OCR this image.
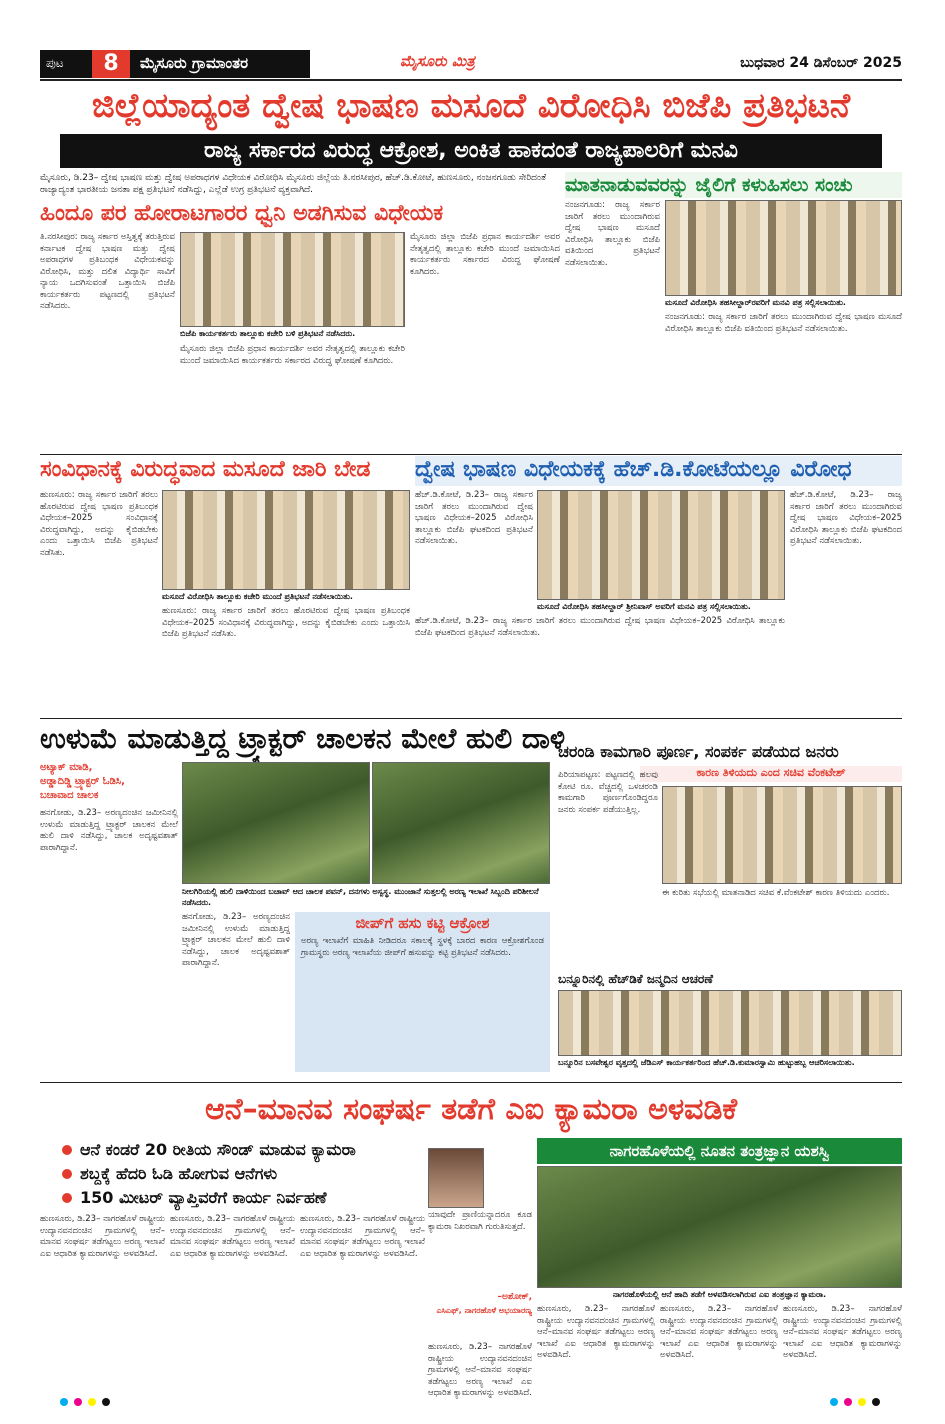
ಪುಟ	8	ಮೈಸೂರು ಗ್ರಾಮಾಂತರ	ಮೈಸೂರು ಮಿತ್ರ	ಬುಧವಾರ 24 ಡಿಸೆಂಬರ್ 2025
ಜಿಲ್ಲೆಯಾದ್ಯಂತ ದ್ವೇಷ ಭಾಷಣ ಮಸೂದೆ ವಿರೋಧಿಸಿ ಬಿಜೆಪಿ ಪ್ರತಿಭಟನೆ
ರಾಜ್ಯ ಸರ್ಕಾರದ ವಿರುದ್ಧ ಆಕ್ರೋಶ, ಅಂಕಿತ ಹಾಕದಂತೆ ರಾಜ್ಯಪಾಲರಿಗೆ ಮನವಿ
ಮೈಸೂರು, ಡಿ.23– ದ್ವೇಷ ಭಾಷಣ ಮತ್ತು ದ್ವೇಷ ಅಪರಾಧಗಳ ವಿಧೇಯಕ ವಿರೋಧಿಸಿ ಮೈಸೂರು ಜಿಲ್ಲೆಯ ತಿ.ನರಸೀಪುರ, ಹೆಚ್.ಡಿ.ಕೋಟೆ, ಹುಣಸೂರು, ನಂಜನಗೂಡು ಸೇರಿದಂತೆ ರಾಜ್ಯಾದ್ಯಂತ ಭಾರತೀಯ ಜನತಾ ಪಕ್ಷ ಪ್ರತಿಭಟನೆ ನಡೆಸಿದ್ದು, ಎಲ್ಲೆಡೆ ಉಗ್ರ ಪ್ರತಿಭಟನೆ ವ್ಯಕ್ತವಾಗಿದೆ.
ಹಿಂದೂ ಪರ ಹೋರಾಟಗಾರರ ಧ್ವನಿ ಅಡಗಿಸುವ ವಿಧೇಯಕ
ತಿ.ನರಸೀಪುರ: ರಾಜ್ಯ ಸರ್ಕಾರ ಅಸ್ತಿತ್ವಕ್ಕೆ ತರುತ್ತಿರುವ ಕರ್ನಾಟಕ ದ್ವೇಷ ಭಾಷಣ ಮತ್ತು ದ್ವೇಷ ಅಪರಾಧಗಳ ಪ್ರತಿಬಂಧಕ ವಿಧೇಯಕವನ್ನು ವಿರೋಧಿಸಿ, ಮತ್ತು ದಲಿತ ವಿದ್ಯಾರ್ಥಿ ಸಾವಿಗೆ ನ್ಯಾಯ ಒದಗಿಸುವಂತೆ ಒತ್ತಾಯಿಸಿ ಬಿಜೆಪಿ ಕಾರ್ಯಕರ್ತರು ಪಟ್ಟಣದಲ್ಲಿ ಪ್ರತಿಭಟನೆ ನಡೆಸಿದರು.
ಬಿಜೆಪಿ ಕಾರ್ಯಕರ್ತರು ತಾಲ್ಲೂಕು ಕಚೇರಿ ಬಳಿ ಪ್ರತಿಭಟನೆ ನಡೆಸಿದರು.
ಮೈಸೂರು ಜಿಲ್ಲಾ ಬಿಜೆಪಿ ಪ್ರಧಾನ ಕಾರ್ಯದರ್ಶಿ ಅವರ ನೇತೃತ್ವದಲ್ಲಿ ತಾಲ್ಲೂಕು ಕಚೇರಿ ಮುಂದೆ ಜಮಾಯಿಸಿದ ಕಾರ್ಯಕರ್ತರು ಸರ್ಕಾರದ ವಿರುದ್ಧ ಘೋಷಣೆ ಕೂಗಿದರು.
ಮೈಸೂರು ಜಿಲ್ಲಾ ಬಿಜೆಪಿ ಪ್ರಧಾನ ಕಾರ್ಯದರ್ಶಿ ಅವರ ನೇತೃತ್ವದಲ್ಲಿ ತಾಲ್ಲೂಕು ಕಚೇರಿ ಮುಂದೆ ಜಮಾಯಿಸಿದ ಕಾರ್ಯಕರ್ತರು ಸರ್ಕಾರದ ವಿರುದ್ಧ ಘೋಷಣೆ ಕೂಗಿದರು.
ಮಾತನಾಡುವವರನ್ನು ಜೈಲಿಗೆ ಕಳುಹಿಸಲು ಸಂಚು
ನಂಜನಗೂಡು: ರಾಜ್ಯ ಸರ್ಕಾರ ಜಾರಿಗೆ ತರಲು ಮುಂದಾಗಿರುವ ದ್ವೇಷ ಭಾಷಣ ಮಸೂದೆ ವಿರೋಧಿಸಿ ತಾಲ್ಲೂಕು ಬಿಜೆಪಿ ವತಿಯಿಂದ ಪ್ರತಿಭಟನೆ ನಡೆಸಲಾಯಿತು.
ಮಸೂದೆ ವಿರೋಧಿಸಿ ತಹಸೀಲ್ದಾರ್‌ರವರಿಗೆ ಮನವಿ ಪತ್ರ ಸಲ್ಲಿಸಲಾಯಿತು.
ನಂಜನಗೂಡು: ರಾಜ್ಯ ಸರ್ಕಾರ ಜಾರಿಗೆ ತರಲು ಮುಂದಾಗಿರುವ ದ್ವೇಷ ಭಾಷಣ ಮಸೂದೆ ವಿರೋಧಿಸಿ ತಾಲ್ಲೂಕು ಬಿಜೆಪಿ ವತಿಯಿಂದ ಪ್ರತಿಭಟನೆ ನಡೆಸಲಾಯಿತು.
ಸಂವಿಧಾನಕ್ಕೆ ವಿರುದ್ಧವಾದ ಮಸೂದೆ ಜಾರಿ ಬೇಡ
ಹುಣಸೂರು: ರಾಜ್ಯ ಸರ್ಕಾರ ಜಾರಿಗೆ ತರಲು ಹೊರಟಿರುವ ದ್ವೇಷ ಭಾಷಣ ಪ್ರತಿಬಂಧಕ ವಿಧೇಯಕ–2025 ಸಂವಿಧಾನಕ್ಕೆ ವಿರುದ್ಧವಾಗಿದ್ದು, ಅದನ್ನು ಕೈಬಿಡಬೇಕು ಎಂದು ಒತ್ತಾಯಿಸಿ ಬಿಜೆಪಿ ಪ್ರತಿಭಟನೆ ನಡೆಸಿತು.
ಮಸೂದೆ ವಿರೋಧಿಸಿ ತಾಲ್ಲೂಕು ಕಚೇರಿ ಮುಂದೆ ಪ್ರತಿಭಟನೆ ನಡೆಸಲಾಯಿತು.
ಹುಣಸೂರು: ರಾಜ್ಯ ಸರ್ಕಾರ ಜಾರಿಗೆ ತರಲು ಹೊರಟಿರುವ ದ್ವೇಷ ಭಾಷಣ ಪ್ರತಿಬಂಧಕ ವಿಧೇಯಕ–2025 ಸಂವಿಧಾನಕ್ಕೆ ವಿರುದ್ಧವಾಗಿದ್ದು, ಅದನ್ನು ಕೈಬಿಡಬೇಕು ಎಂದು ಒತ್ತಾಯಿಸಿ ಬಿಜೆಪಿ ಪ್ರತಿಭಟನೆ ನಡೆಸಿತು.
ದ್ವೇಷ ಭಾಷಣ ವಿಧೇಯಕಕ್ಕೆ ಹೆಚ್.ಡಿ.ಕೋಟೆಯಲ್ಲೂ ವಿರೋಧ
ಹೆಚ್.ಡಿ.ಕೋಟೆ, ಡಿ.23– ರಾಜ್ಯ ಸರ್ಕಾರ ಜಾರಿಗೆ ತರಲು ಮುಂದಾಗಿರುವ ದ್ವೇಷ ಭಾಷಣ ವಿಧೇಯಕ–2025 ವಿರೋಧಿಸಿ ತಾಲ್ಲೂಕು ಬಿಜೆಪಿ ಘಟಕದಿಂದ ಪ್ರತಿಭಟನೆ ನಡೆಸಲಾಯಿತು.
ಮಸೂದೆ ವಿರೋಧಿಸಿ ತಹಸೀಲ್ದಾರ್ ಶ್ರೀನಿವಾಸ್ ಅವರಿಗೆ ಮನವಿ ಪತ್ರ ಸಲ್ಲಿಸಲಾಯಿತು.
ಹೆಚ್.ಡಿ.ಕೋಟೆ, ಡಿ.23– ರಾಜ್ಯ ಸರ್ಕಾರ ಜಾರಿಗೆ ತರಲು ಮುಂದಾಗಿರುವ ದ್ವೇಷ ಭಾಷಣ ವಿಧೇಯಕ–2025 ವಿರೋಧಿಸಿ ತಾಲ್ಲೂಕು ಬಿಜೆಪಿ ಘಟಕದಿಂದ ಪ್ರತಿಭಟನೆ ನಡೆಸಲಾಯಿತು.
ಹೆಚ್.ಡಿ.ಕೋಟೆ, ಡಿ.23– ರಾಜ್ಯ ಸರ್ಕಾರ ಜಾರಿಗೆ ತರಲು ಮುಂದಾಗಿರುವ ದ್ವೇಷ ಭಾಷಣ ವಿಧೇಯಕ–2025 ವಿರೋಧಿಸಿ ತಾಲ್ಲೂಕು ಬಿಜೆಪಿ ಘಟಕದಿಂದ ಪ್ರತಿಭಟನೆ ನಡೆಸಲಾಯಿತು.
ಉಳುಮೆ ಮಾಡುತ್ತಿದ್ದ ಟ್ರ್ಯಾಕ್ಟರ್ ಚಾಲಕನ ಮೇಲೆ ಹುಲಿ ದಾಳಿ
ಅಟ್ಯಾಕ್ ಮಾಡಿ,
ಅಡ್ಡಾದಿಡ್ಡಿ ಟ್ರ್ಯಾಕ್ಟರ್ ಓಡಿಸಿ,
ಬಚಾವಾದ ಚಾಲಕ
ಹನಗೋಡು, ಡಿ.23– ಅರಣ್ಯದಂಚಿನ ಜಮೀನಿನಲ್ಲಿ ಉಳುಮೆ ಮಾಡುತ್ತಿದ್ದ ಟ್ರ್ಯಾಕ್ಟರ್ ಚಾಲಕನ ಮೇಲೆ ಹುಲಿ ದಾಳಿ ನಡೆಸಿದ್ದು, ಚಾಲಕ ಅದೃಷ್ಟವಶಾತ್ ಪಾರಾಗಿದ್ದಾನೆ.
ನೀಲಗಿರಿಯಲ್ಲಿ ಹುಲಿ ದಾಳಿಯಿಂದ ಬಚಾವ್ ಆದ ಚಾಲಕ ಪವನ್, ದನಗಳು ಅಸ್ವಸ್ಥ. ಮುಂಜಾನೆ ಸುತ್ತಲಲ್ಲಿ ಅರಣ್ಯ ಇಲಾಖೆ ಸಿಬ್ಬಂದಿ ಪರಿಶೀಲನೆ ನಡೆಸಿದರು.
ಹನಗೋಡು, ಡಿ.23– ಅರಣ್ಯದಂಚಿನ ಜಮೀನಿನಲ್ಲಿ ಉಳುಮೆ ಮಾಡುತ್ತಿದ್ದ ಟ್ರ್ಯಾಕ್ಟರ್ ಚಾಲಕನ ಮೇಲೆ ಹುಲಿ ದಾಳಿ ನಡೆಸಿದ್ದು, ಚಾಲಕ ಅದೃಷ್ಟವಶಾತ್ ಪಾರಾಗಿದ್ದಾನೆ.
ಜೀಪ್‌ಗೆ ಹಸು ಕಟ್ಟಿ ಆಕ್ರೋಶ
ಅರಣ್ಯ ಇಲಾಖೆಗೆ ಮಾಹಿತಿ ನೀಡಿದರೂ ಸಕಾಲಕ್ಕೆ ಸ್ಥಳಕ್ಕೆ ಬಾರದ ಕಾರಣ ಆಕ್ರೋಶಗೊಂಡ ಗ್ರಾಮಸ್ಥರು ಅರಣ್ಯ ಇಲಾಖೆಯ ಜೀಪ್‌ಗೆ ಹಸುವನ್ನು ಕಟ್ಟಿ ಪ್ರತಿಭಟನೆ ನಡೆಸಿದರು.
ಚರಂಡಿ ಕಾಮಗಾರಿ ಪೂರ್ಣ, ಸಂಪರ್ಕ ಪಡೆಯದ ಜನರು
ಕಾರಣ ತಿಳಿಯದು ಎಂದ ಸಚಿವ ವೆಂಕಟೇಶ್
ಪಿರಿಯಾಪಟ್ಟಣ: ಪಟ್ಟಣದಲ್ಲಿ ಹಲವು ಕೋಟಿ ರೂ. ವೆಚ್ಚದಲ್ಲಿ ಒಳಚರಂಡಿ ಕಾಮಗಾರಿ ಪೂರ್ಣಗೊಂಡಿದ್ದರೂ ಜನರು ಸಂಪರ್ಕ ಪಡೆಯುತ್ತಿಲ್ಲ.
ಈ ಕುರಿತು ಸಭೆಯಲ್ಲಿ ಮಾತನಾಡಿದ ಸಚಿವ ಕೆ.ವೆಂಕಟೇಶ್ ಕಾರಣ ತಿಳಿಯದು ಎಂದರು.
ಬನ್ನೂರಿನಲ್ಲಿ ಹೆಚ್‌ಡಿಕೆ ಜನ್ಮದಿನ ಆಚರಣೆ
ಬನ್ನೂರಿನ ಬಸವೇಶ್ವರ ವೃತ್ತದಲ್ಲಿ ಜೆಡಿಎಸ್ ಕಾರ್ಯಕರ್ತರಿಂದ ಹೆಚ್.ಡಿ.ಕುಮಾರಸ್ವಾಮಿ ಹುಟ್ಟುಹಬ್ಬ ಆಚರಿಸಲಾಯಿತು.
ಆನೆ–ಮಾನವ ಸಂಘರ್ಷ ತಡೆಗೆ ಎಐ ಕ್ಯಾಮರಾ ಅಳವಡಿಕೆ
ಆನೆ ಕಂಡರೆ 20 ರೀತಿಯ ಸೌಂಡ್ ಮಾಡುವ ಕ್ಯಾಮರಾ
ಶಬ್ದಕ್ಕೆ ಹೆದರಿ ಓಡಿ ಹೋಗುವ ಆನೆಗಳು
150 ಮೀಟರ್ ವ್ಯಾಪ್ತಿವರೆಗೆ ಕಾರ್ಯ ನಿರ್ವಹಣೆ
ಹುಣಸೂರು, ಡಿ.23– ನಾಗರಹೊಳೆ ರಾಷ್ಟ್ರೀಯ ಉದ್ಯಾನವನದಂಚಿನ ಗ್ರಾಮಗಳಲ್ಲಿ ಆನೆ–ಮಾನವ ಸಂಘರ್ಷ ತಡೆಗಟ್ಟಲು ಅರಣ್ಯ ಇಲಾಖೆ ಎಐ ಆಧಾರಿತ ಕ್ಯಾಮರಾಗಳನ್ನು ಅಳವಡಿಸಿದೆ.
ಹುಣಸೂರು, ಡಿ.23– ನಾಗರಹೊಳೆ ರಾಷ್ಟ್ರೀಯ ಉದ್ಯಾನವನದಂಚಿನ ಗ್ರಾಮಗಳಲ್ಲಿ ಆನೆ–ಮಾನವ ಸಂಘರ್ಷ ತಡೆಗಟ್ಟಲು ಅರಣ್ಯ ಇಲಾಖೆ ಎಐ ಆಧಾರಿತ ಕ್ಯಾಮರಾಗಳನ್ನು ಅಳವಡಿಸಿದೆ.
ಹುಣಸೂರು, ಡಿ.23– ನಾಗರಹೊಳೆ ರಾಷ್ಟ್ರೀಯ ಉದ್ಯಾನವನದಂಚಿನ ಗ್ರಾಮಗಳಲ್ಲಿ ಆನೆ–ಮಾನವ ಸಂಘರ್ಷ ತಡೆಗಟ್ಟಲು ಅರಣ್ಯ ಇಲಾಖೆ ಎಐ ಆಧಾರಿತ ಕ್ಯಾಮರಾಗಳನ್ನು ಅಳವಡಿಸಿದೆ.
ಯಾವುದೇ ಪ್ರಾಣಿಯನ್ನಾದರೂ ಕೂಡ ಕ್ಯಾಮರಾ ನಿಖರವಾಗಿ ಗುರುತಿಸುತ್ತದೆ.
–ಅಶೋಕ್,
ಎಸಿಎಫ್, ನಾಗರಹೊಳೆ ಅಭಯಾರಣ್ಯ
ಹುಣಸೂರು, ಡಿ.23– ನಾಗರಹೊಳೆ ರಾಷ್ಟ್ರೀಯ ಉದ್ಯಾನವನದಂಚಿನ ಗ್ರಾಮಗಳಲ್ಲಿ ಆನೆ–ಮಾನವ ಸಂಘರ್ಷ ತಡೆಗಟ್ಟಲು ಅರಣ್ಯ ಇಲಾಖೆ ಎಐ ಆಧಾರಿತ ಕ್ಯಾಮರಾಗಳನ್ನು ಅಳವಡಿಸಿದೆ.
ನಾಗರಹೊಳೆಯಲ್ಲಿ ನೂತನ ತಂತ್ರಜ್ಞಾನ ಯಶಸ್ವಿ
ನಾಗರಹೊಳೆಯಲ್ಲಿ ಆನೆ ಹಾದಿ ತಡೆಗೆ ಅಳವಡಿಸಲಾಗಿರುವ ಎಐ ತಂತ್ರಜ್ಞಾನ ಕ್ಯಾಮರಾ.
ಹುಣಸೂರು, ಡಿ.23– ನಾಗರಹೊಳೆ ರಾಷ್ಟ್ರೀಯ ಉದ್ಯಾನವನದಂಚಿನ ಗ್ರಾಮಗಳಲ್ಲಿ ಆನೆ–ಮಾನವ ಸಂಘರ್ಷ ತಡೆಗಟ್ಟಲು ಅರಣ್ಯ ಇಲಾಖೆ ಎಐ ಆಧಾರಿತ ಕ್ಯಾಮರಾಗಳನ್ನು ಅಳವಡಿಸಿದೆ.
ಹುಣಸೂರು, ಡಿ.23– ನಾಗರಹೊಳೆ ರಾಷ್ಟ್ರೀಯ ಉದ್ಯಾನವನದಂಚಿನ ಗ್ರಾಮಗಳಲ್ಲಿ ಆನೆ–ಮಾನವ ಸಂಘರ್ಷ ತಡೆಗಟ್ಟಲು ಅರಣ್ಯ ಇಲಾಖೆ ಎಐ ಆಧಾರಿತ ಕ್ಯಾಮರಾಗಳನ್ನು ಅಳವಡಿಸಿದೆ.
ಹುಣಸೂರು, ಡಿ.23– ನಾಗರಹೊಳೆ ರಾಷ್ಟ್ರೀಯ ಉದ್ಯಾನವನದಂಚಿನ ಗ್ರಾಮಗಳಲ್ಲಿ ಆನೆ–ಮಾನವ ಸಂಘರ್ಷ ತಡೆಗಟ್ಟಲು ಅರಣ್ಯ ಇಲಾಖೆ ಎಐ ಆಧಾರಿತ ಕ್ಯಾಮರಾಗಳನ್ನು ಅಳವಡಿಸಿದೆ.
